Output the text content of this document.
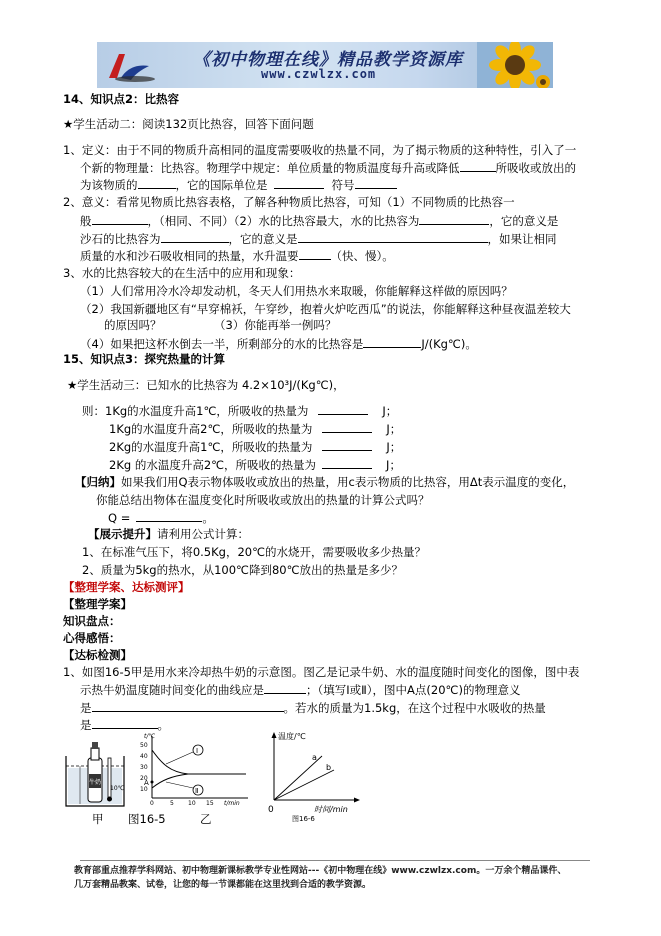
《初中物理在线》精品教学资源库
www.czwlzx.com
14、知识点2：比热容
★学生活动二：阅读132页比热容，回答下面问题
1、定义：由于不同的物质升高相同的温度需要吸收的热量不同，为了揭示物质的这种特性，引入了一
个新的物理量：比热容。物理学中规定：单位质量的物质温度每升高或降低	所吸收或放出的
为该物质的	，它的国际单位是	符号
2、意义：看常见物质比热容表格，了解各种物质比热容，可知（1）不同物质的比热容一
般	，（相同、不同）（2）水的比热容最大，水的比热容为	，它的意义是
沙石的比热容为	，它的意义是	，如果让相同
质量的水和沙石吸收相同的热量，水升温要	（快、慢）。
3、水的比热容较大的在生活中的应用和现象：
（1）人们常用冷水冷却发动机，冬天人们用热水来取暖，你能解释这样做的原因吗？
（2）我国新疆地区有“早穿棉袄，午穿纱，抱着火炉吃西瓜”的说法，你能解释这种昼夜温差较大
的原因吗？	（3）你能再举一例吗？
（4）如果把这杯水倒去一半，所剩部分的水的比热容是	J/(Kg℃)。
15、知识点3：探究热量的计算
★学生活动三：已知水的比热容为 4.2×10³J/(Kg℃)，
则：1Kg的水温度升高1℃，所吸收的热量为	J；
1Kg的水温度升高2℃，所吸收的热量为	J；
2Kg的水温度升高1℃，所吸收的热量为	J；
2Kg 的水温度升高2℃，所吸收的热量为	J；
【归纳】如果我们用Q表示物体吸收或放出的热量，用c表示物质的比热容，用Δt表示温度的变化，
你能总结出物体在温度变化时所吸收或放出的热量的计算公式吗？
Q =	。
【展示提升】请利用公式计算：
1、在标准气压下，将0.5Kg，20℃的水烧开，需要吸收多少热量？
2、质量为5kg的热水，从100℃降到80℃放出的热量是多少？
【整理学案、达标测评】
【整理学案】
知识盘点：
心得感悟：
【达标检测】
1、如图16-5甲是用水来冷却热牛奶的示意图。图乙是记录牛奶、水的温度随时间变化的图像，图中表
示热牛奶温度随时间变化的曲线应是	；（填写Ⅰ或Ⅱ），图中A点(20℃)的物理意义
是	。若水的质量为1.5kg，在这个过程中水吸收的热量
是	。
牛奶
10℃
t/℃
50
40
30
20
10
0	5 10 15 t/min
Ⅰ
Ⅱ
A
甲 图16-5	乙
温度/℃
0	时间/min
a
b
图16-6
教育部重点推荐学科网站、初中物理新课标教学专业性网站---《初中物理在线》www.czwlzx.com。一万余个精品课件、
几万套精品教案、试卷，让您的每一节课都能在这里找到合适的教学资源。
